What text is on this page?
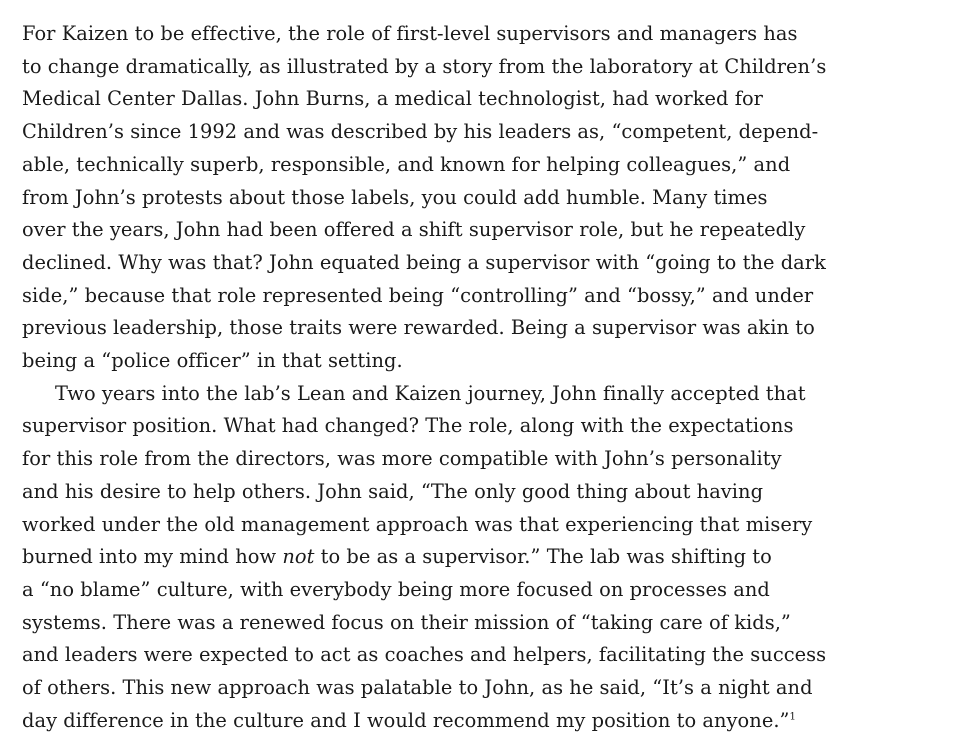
For Kaizen to be effective, the role of first-level supervisors and managers has
to change dramatically, as illustrated by a story from the laboratory at Children’s
Medical Center Dallas. John Burns, a medical technologist, had worked for
Children’s since 1992 and was described by his leaders as, “competent, depend-
able, technically superb, responsible, and known for helping colleagues,” and
from John’s protests about those labels, you could add humble. Many times
over the years, John had been offered a shift supervisor role, but he repeatedly
declined. Why was that? John equated being a supervisor with “going to the dark
side,” because that role represented being “controlling” and “bossy,” and under
previous leadership, those traits were rewarded. Being a supervisor was akin to
being a “police officer” in that setting.

Two years into the lab’s Lean and Kaizen journey, John finally accepted that
supervisor position. What had changed? The role, along with the expectations
for this role from the directors, was more compatible with John’s personality
and his desire to help others. John said, “The only good thing about having
worked under the old management approach was that experiencing that misery
burned into my mind how not to be as a supervisor.” The lab was shifting to
a “no blame” culture, with everybody being more focused on processes and
systems. There was a renewed focus on their mission of “taking care of kids,”
and leaders were expected to act as coaches and helpers, facilitating the success
of others. This new approach was palatable to John, as he said, “It’s a night and
day difference in the culture and I would recommend my position to anyone.”$^1$
